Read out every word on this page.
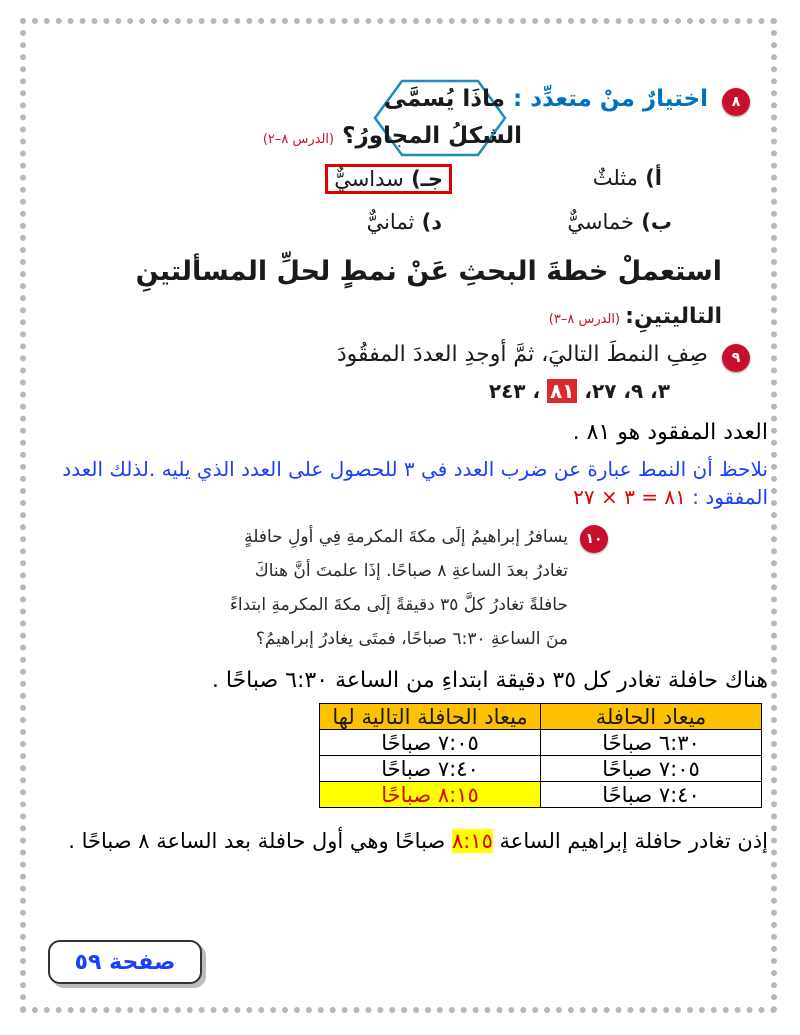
٨
اختيارٌ منْ متعدِّد : ماذَا يُسمَّى
الشكلُ المجاورُ؟ (الدرس ٨–٢)
أ) مثلثٌ
جـ) سداسيٌّ
ب) خماسيٌّ
د) ثمانيٌّ
استعملْ خطةَ البحثِ عَنْ نمطٍ لحلِّ المسألتينِ
التاليتينِ: (الدرس ٨–٣)
٩
صِفِ النمطَ التاليَ، ثمَّ أوجدِ العددَ المفقُودَ
٣، ٩، ٢٧، ٨١ ، ٢٤٣
العدد المفقود هو ٨١ .
نلاحظ أن النمط عبارة عن ضرب العدد في ٣ للحصول على العدد الذي يليه .لذلك العدد المفقود : ٨١ = ٣ × ٢٧
١٠
يسافرُ إبراهيمُ إلَى مكةَ المكرمةِ فِي أولِ حافلةٍ
تغادرُ بعدَ الساعةِ ٨ صباحًا. إذَا علمتَ أنَّ هناكَ
حافلةً تغادرُ كلَّ ٣٥ دقيقةً إلَى مكةَ المكرمةِ ابتداءً
منَ الساعةِ ٦:٣٠ صباحًا، فمتَى يغادرُ إبراهيمُ؟
هناك حافلة تغادر كل ٣٥ دقيقة ابتداءِ من الساعة ٦:٣٠ صباحًا .
ميعاد الحافلة	ميعاد الحافلة التالية لها
٦:٣٠ صباحًا	٧:٠٥ صباحًا
٧:٠٥ صباحًا	٧:٤٠ صباحًا
٧:٤٠ صباحًا	٨:١٥ صباحًا
إذن تغادر حافلة إبراهيم الساعة ٨:١٥ صباحًا وهي أول حافلة بعد الساعة ٨ صباحًا .
صفحة ٥٩
